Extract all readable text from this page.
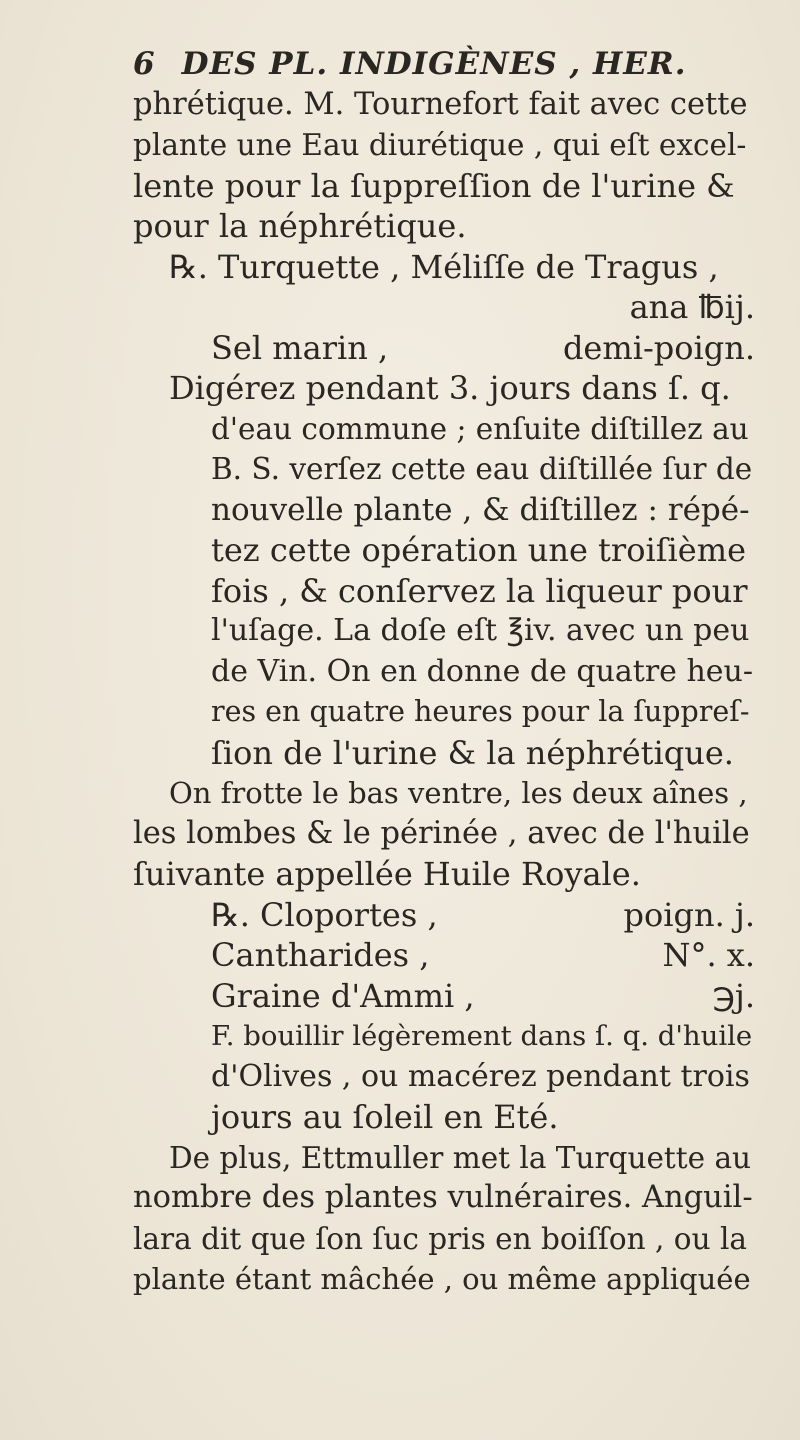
6 DES PL. INDIGÈNES , HER.
phrétique. M. Tournefort fait avec cette
plante une Eau diurétique , qui eſt excel-
lente pour la ſuppreſſion de l'urine &
pour la néphrétique.
℞. Turquette , Méliſſe de Tragus ,
ana ℔ij.
Sel marin ,	demi-poign.
Digérez pendant 3. jours dans ſ. q.
d'eau commune ; enſuite diſtillez au
B. S. verſez cette eau diſtillée ſur de
nouvelle plante , & diſtillez : répé-
tez cette opération une troiſième
fois , & conſervez la liqueur pour
l'uſage. La doſe eſt ℥iv. avec un peu
de Vin. On en donne de quatre heu-
res en quatre heures pour la ſuppreſ-
ſion de l'urine & la néphrétique.
On frotte le bas ventre, les deux aînes ,
les lombes & le périnée , avec de l'huile
ſuivante appellée Huile Royale.
℞. Cloportes ,	poign. j.
Cantharides ,	N°. x.
Graine d'Ammi ,	℈j.
F. bouillir légèrement dans ſ. q. d'huile
d'Olives , ou macérez pendant trois
jours au ſoleil en Eté.
De plus, Ettmuller met la Turquette au
nombre des plantes vulnéraires. Anguil-
lara dit que ſon ſuc pris en boiſſon , ou la
plante étant mâchée , ou même appliquée
